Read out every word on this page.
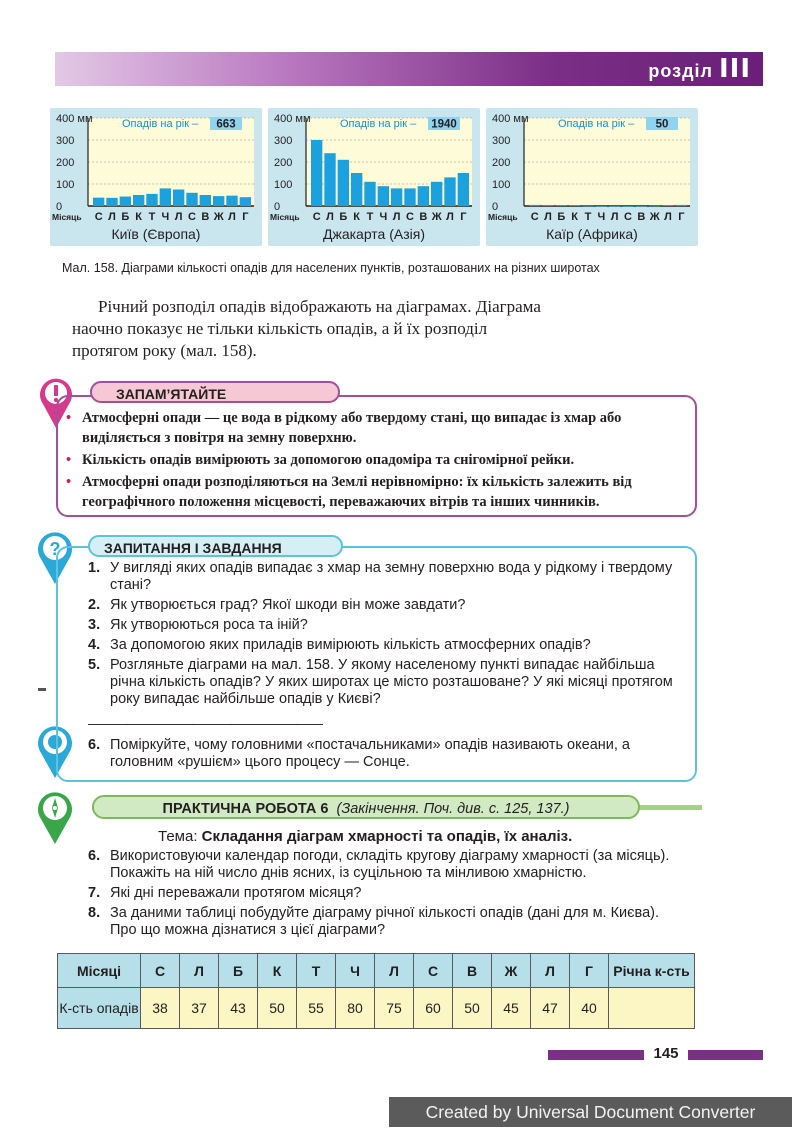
розділ III
400 мм
300
200
100
0
С Л Б К Т Ч Л С В Ж Л Г
Місяць
Опадів на рік – 663
Київ (Європа)
400 мм
300
200
100
0
С Л Б К Т Ч Л С В Ж Л Г
Місяць
Опадів на рік – 1940
Джакарта (Азія)
400 мм
300
200
100
0
С Л Б К Т Ч Л С В Ж Л Г
Місяць
Опадів на рік – 50
Каїр (Африка)
Мал. 158. Діаграми кількості опадів для населених пунктів, розташованих на різних широтах

Річний розподіл опадів відображають на діаграмах. Діаграма наочно показує не тільки кількість опадів, а й їх розподіл протягом року (мал. 158).

ЗАПАМ’ЯТАЙТЕ
• Атмосферні опади — це вода в рідкому або твердому стані, що випадає із хмар або виділяється з повітря на земну поверхню.
• Кількість опадів вимірюють за допомогою опадоміра та снігомірної рейки.
• Атмосферні опади розподіляються на Землі нерівномірно: їх кількість залежить від географічного положення місцевості, переважаючих вітрів та інших чинників.
?	ЗАПИТАННЯ І ЗАВДАННЯ
1. У вигляді яких опадів випадає з хмар на земну поверхню вода у рідкому і твердому стані?
2. Як утворюється град? Якої шкоди він може завдати?
3. Як утворюються роса та іній?
4. За допомогою яких приладів вимірюють кількість атмосферних опадів?
5. Розгляньте діаграми на мал. 158. У якому населеному пункті випадає найбільша річна кількість опадів? У яких широтах це місто розташоване? У які місяці протягом року випадає найбільше опадів у Києві?
——————————————————
6. Поміркуйте, чому головними «постачальниками» опадів називають океани, а головним «рушієм» цього процесу — Сонце.
ПРАКТИЧНА РОБОТА 6 (Закінчення. Поч. див. с. 125, 137.)
Тема: Складання діаграм хмарності та опадів, їх аналіз.
6. Використовуючи календар погоди, складіть кругову діаграму хмарності (за місяць). Покажіть на ній число днів ясних, із суцільною та мінливою хмарністю.
7. Які дні переважали протягом місяця?
8. За даними таблиці побудуйте діаграму річної кількості опадів (дані для м. Києва). Про що можна дізнатися з цієї діаграми?
Місяці	С	Л	Б	К	Т	Ч	Л	С	В	Ж	Л	Г	Річна к-сть
К-сть опадів	38	37	43	50	55	80	75	60	50	45	47	40	
145
Created by Universal Document Converter
